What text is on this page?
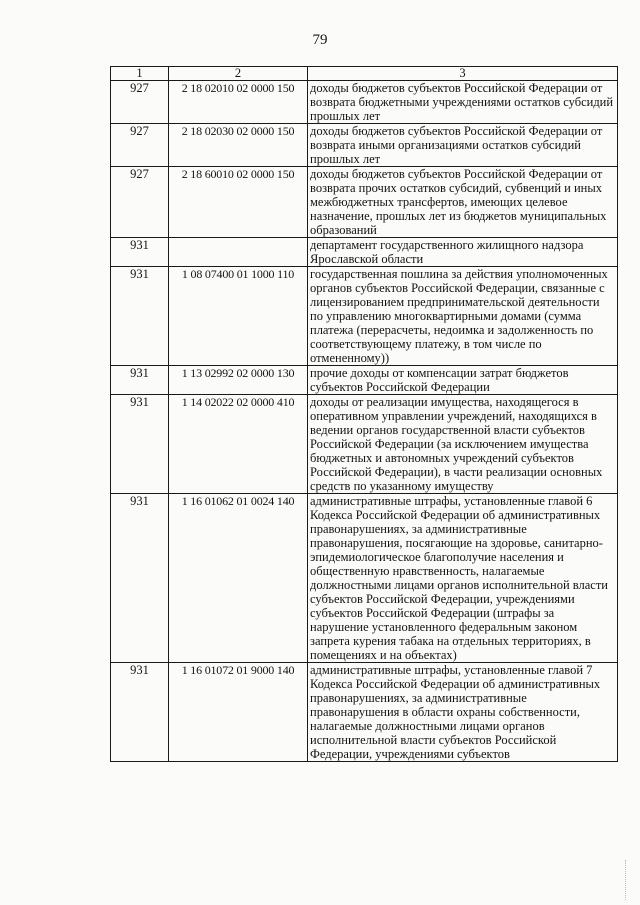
79
1	2	3
927	2 18 02010 02 0000 150	доходы бюджетов субъектов Российской Федерации от возврата бюджетными учреждениями остатков субсидий прошлых лет
927	2 18 02030 02 0000 150	доходы бюджетов субъектов Российской Федерации от возврата иными организациями остатков субсидий прошлых лет
927	2 18 60010 02 0000 150	доходы бюджетов субъектов Российской Федерации от возврата прочих остатков субсидий, субвенций и иных межбюджетных трансфертов, имеющих целевое назначение, прошлых лет из бюджетов муниципальных образований
931		департамент государственного жилищного надзора Ярославской области
931	1 08 07400 01 1000 110	государственная пошлина за действия уполномоченных органов субъектов Российской Федерации, связанные с лицензированием предпринимательской деятельности по управлению многоквартирными домами (сумма платежа (перерасчеты, недоимка и задолженность по соответствующему платежу, в том числе по отмененному))
931	1 13 02992 02 0000 130	прочие доходы от компенсации затрат бюджетов субъектов Российской Федерации
931	1 14 02022 02 0000 410	доходы от реализации имущества, находящегося в оперативном управлении учреждений, находящихся в ведении органов государственной власти субъектов Российской Федерации (за исключением имущества бюджетных и автономных учреждений субъектов Российской Федерации), в части реализации основных средств по указанному имуществу
931	1 16 01062 01 0024 140	административные штрафы, установленные главой 6 Кодекса Российской Федерации об административных правонарушениях, за административные правонарушения, посягающие на здоровье, санитарно-эпидемиологическое благополучие населения и общественную нравственность, налагаемые должностными лицами органов исполнительной власти субъектов Российской Федерации, учреждениями субъектов Российской Федерации (штрафы за нарушение установленного федеральным законом запрета курения табака на отдельных территориях, в помещениях и на объектах)
931	1 16 01072 01 9000 140	административные штрафы, установленные главой 7 Кодекса Российской Федерации об административных правонарушениях, за административные правонарушения в области охраны собственности, налагаемые должностными лицами органов исполнительной власти субъектов Российской Федерации, учреждениями субъектов
